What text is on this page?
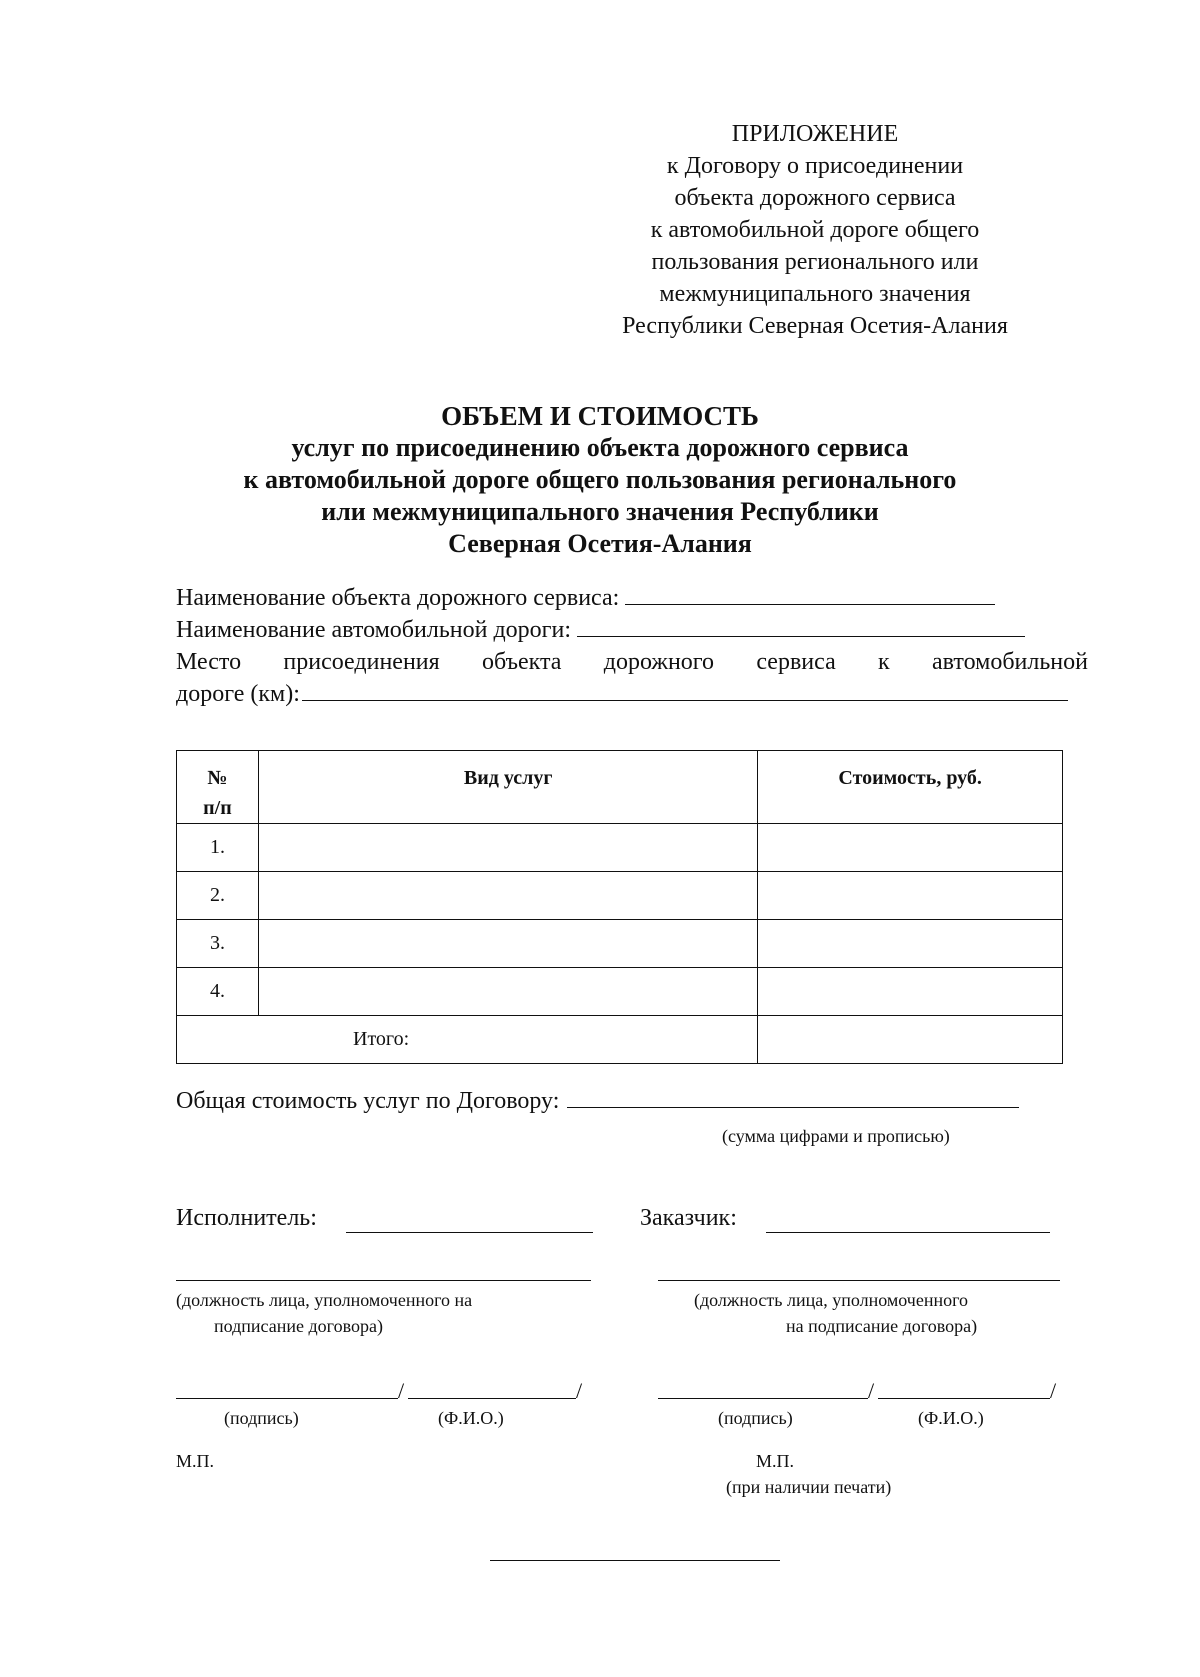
ПРИЛОЖЕНИЕ
к Договору о присоединении
объекта дорожного сервиса
к автомобильной дороге общего
пользования регионального или
межмуниципального значения
Республики Северная Осетия-Алания
ОБЪЕМ И СТОИМОСТЬ
услуг по присоединению объекта дорожного сервиса
к автомобильной дороге общего пользования регионального
или межмуниципального значения Республики
Северная Осетия-Алания
Наименование объекта дорожного сервиса:
Наименование автомобильной дороги:
Место присоединения объекта дорожного сервиса к автомобильной
дороге (км):
№
п/п	Вид услуг	Стоимость, руб.
1.		
2.		
3.		
4.		
Итого:		
Общая стоимость услуг по Договору:
(сумма цифрами и прописью)
Исполнитель:
(должность лица, уполномоченного на
подписание договора)
/	/
(подпись)	(Ф.И.О.)
М.П.
Заказчик:
(должность лица, уполномоченного
на подписание договора)
/	/
(подпись)	(Ф.И.О.)
М.П.
(при наличии печати)
